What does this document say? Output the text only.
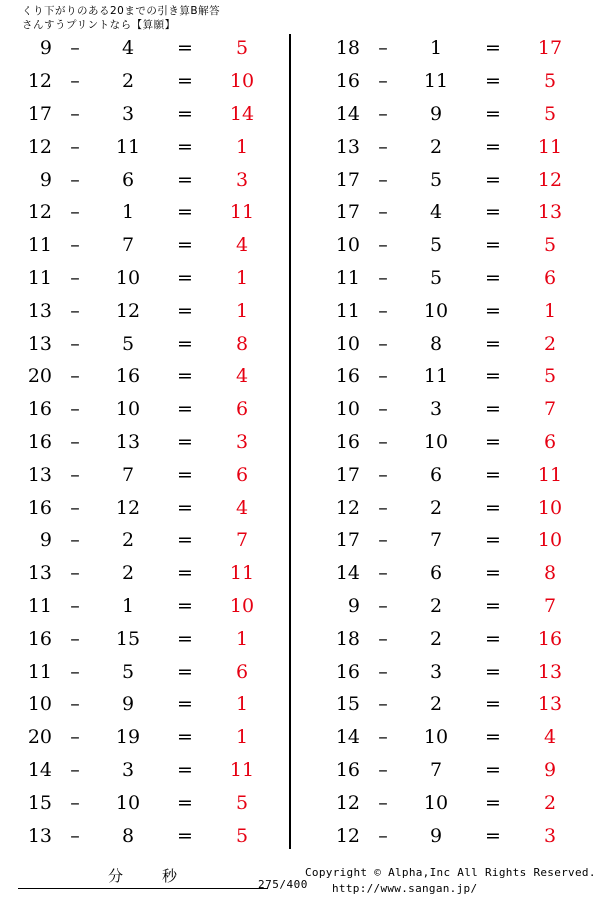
くり下がりのある20までの引き算B解答
さんすうプリントなら【算願】
9 –	4	=	5
12 –	2	=	10
17 –	3	=	14
12 –	11	=	1
9 –	6	=	3
12 –	1	=	11
11 –	7	=	4
11 –	10	=	1
13 –	12	=	1
13 –	5	=	8
20 –	16	=	4
16 –	10	=	6
16 –	13	=	3
13 –	7	=	6
16 –	12	=	4
9 –	2	=	7
13 –	2	=	11
11 –	1	=	10
16 –	15	=	1
11 –	5	=	6
10 –	9	=	1
20 –	19	=	1
14 –	3	=	11
15 –	10	=	5
13 –	8	=	5
18 –	1	=	17
16 –	11	=	5
14 –	9	=	5
13 –	2	=	11
17 –	5	=	12
17 –	4	=	13
10 –	5	=	5
11 –	5	=	6
11 –	10	=	1
10 –	8	=	2
16 –	11	=	5
10 –	3	=	7
16 –	10	=	6
17 –	6	=	11
12 –	2	=	10
17 –	7	=	10
14 –	6	=	8
9 –	2	=	7
18 –	2	=	16
16 –	3	=	13
15 –	2	=	13
14 –	10	=	4
16 –	7	=	9
12 –	10	=	2
12 –	9	=	3
分	秒	275/400
Copyright © Alpha,Inc All Rights Reserved.
http://www.sangan.jp/
